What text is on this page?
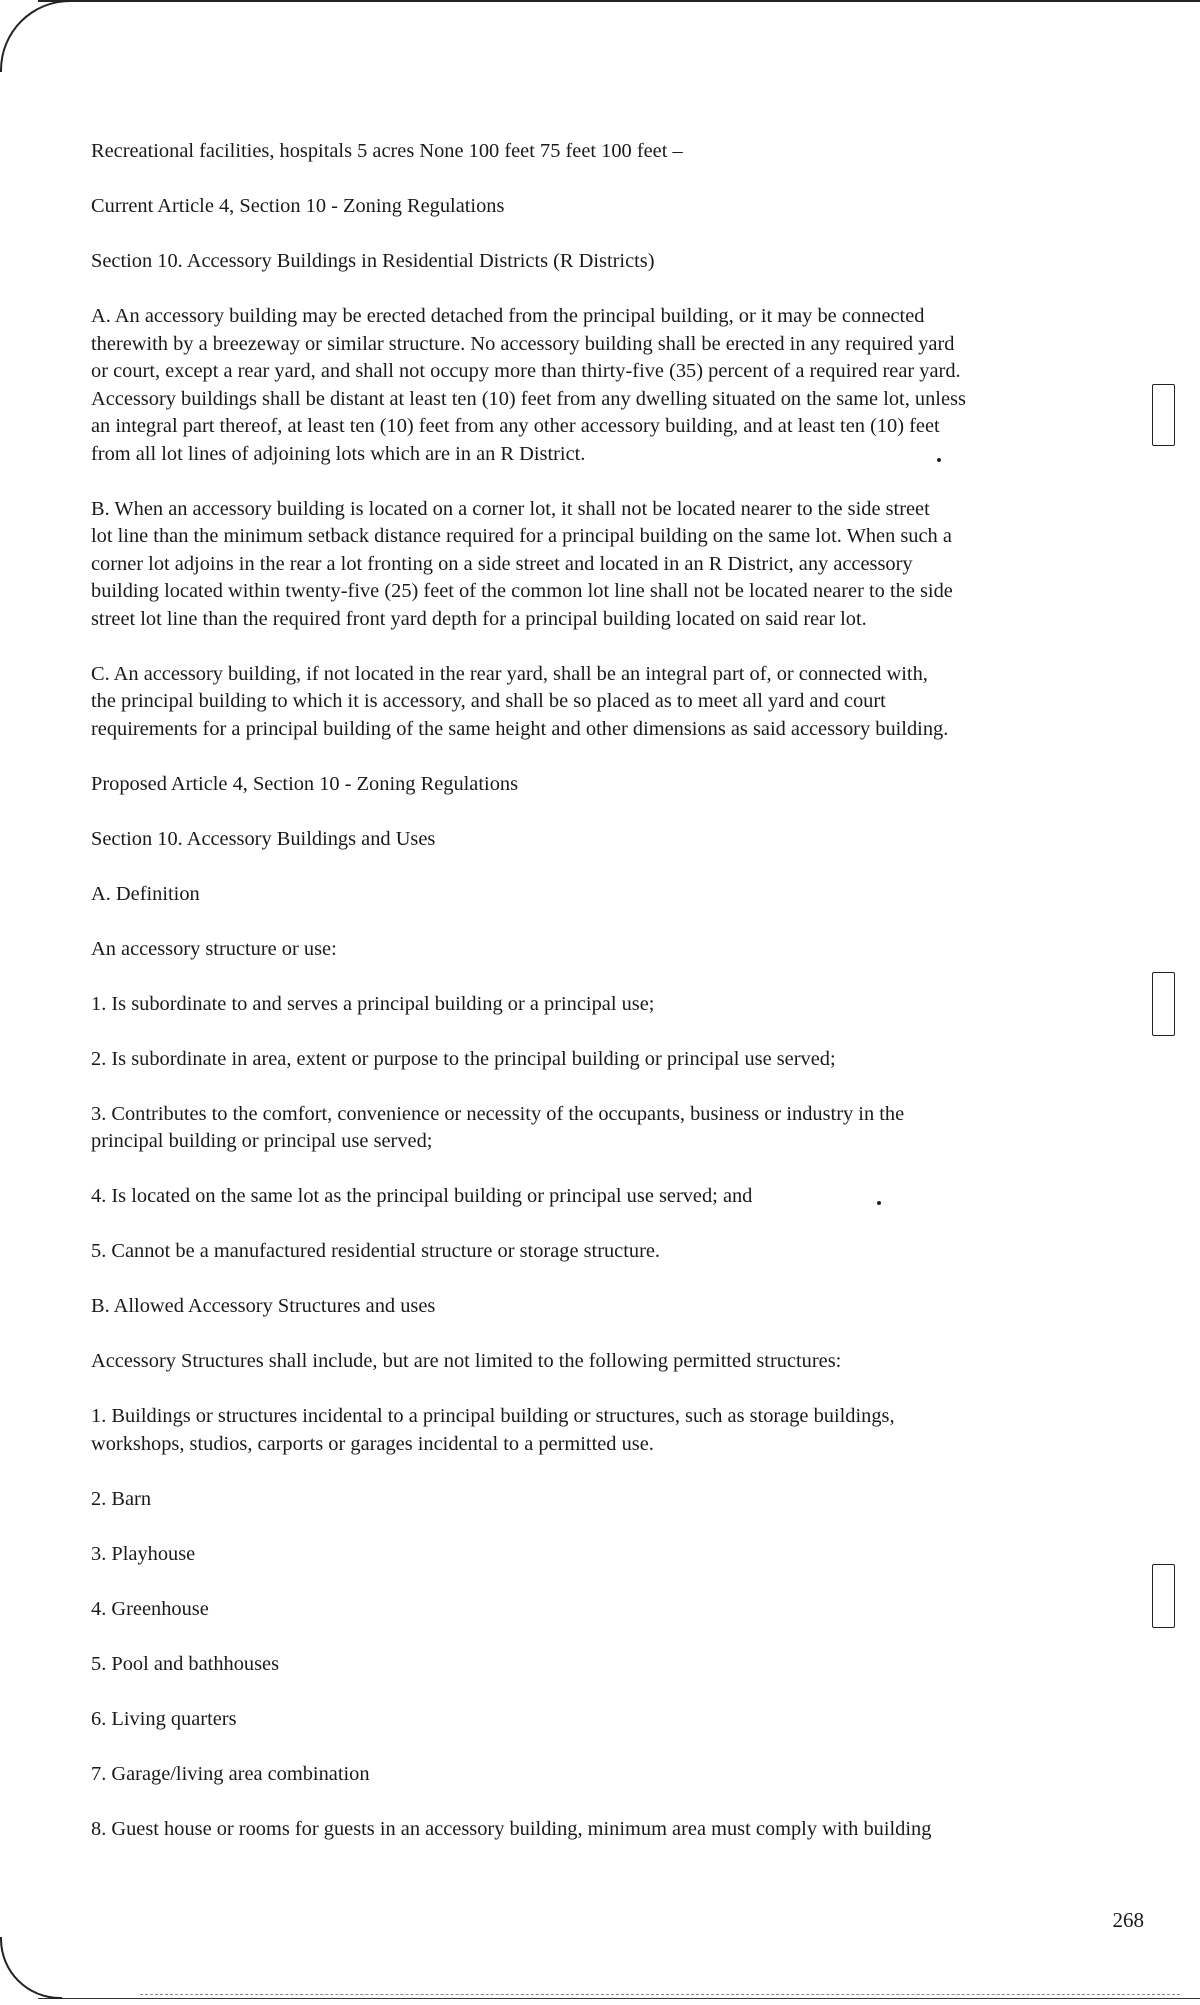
Recreational facilities, hospitals 5 acres None 100 feet 75 feet 100 feet –
Current Article 4, Section 10 - Zoning Regulations
Section 10. Accessory Buildings in Residential Districts (R Districts)
A. An accessory building may be erected detached from the principal building, or it may be connected
therewith by a breezeway or similar structure. No accessory building shall be erected in any required yard
or court, except a rear yard, and shall not occupy more than thirty-five (35) percent of a required rear yard.
Accessory buildings shall be distant at least ten (10) feet from any dwelling situated on the same lot, unless
an integral part thereof, at least ten (10) feet from any other accessory building, and at least ten (10) feet
from all lot lines of adjoining lots which are in an R District.
B. When an accessory building is located on a corner lot, it shall not be located nearer to the side street
lot line than the minimum setback distance required for a principal building on the same lot. When such a
corner lot adjoins in the rear a lot fronting on a side street and located in an R District, any accessory
building located within twenty-five (25) feet of the common lot line shall not be located nearer to the side
street lot line than the required front yard depth for a principal building located on said rear lot.
C. An accessory building, if not located in the rear yard, shall be an integral part of, or connected with,
the principal building to which it is accessory, and shall be so placed as to meet all yard and court
requirements for a principal building of the same height and other dimensions as said accessory building.
Proposed Article 4, Section 10 - Zoning Regulations
Section 10. Accessory Buildings and Uses
A. Definition
An accessory structure or use:
1. Is subordinate to and serves a principal building or a principal use;
2. Is subordinate in area, extent or purpose to the principal building or principal use served;
3. Contributes to the comfort, convenience or necessity of the occupants, business or industry in the
principal building or principal use served;
4. Is located on the same lot as the principal building or principal use served; and
5. Cannot be a manufactured residential structure or storage structure.
B. Allowed Accessory Structures and uses
Accessory Structures shall include, but are not limited to the following permitted structures:
1. Buildings or structures incidental to a principal building or structures, such as storage buildings,
workshops, studios, carports or garages incidental to a permitted use.
2. Barn
3. Playhouse
4. Greenhouse
5. Pool and bathhouses
6. Living quarters
7. Garage/living area combination
8. Guest house or rooms for guests in an accessory building, minimum area must comply with building
268
